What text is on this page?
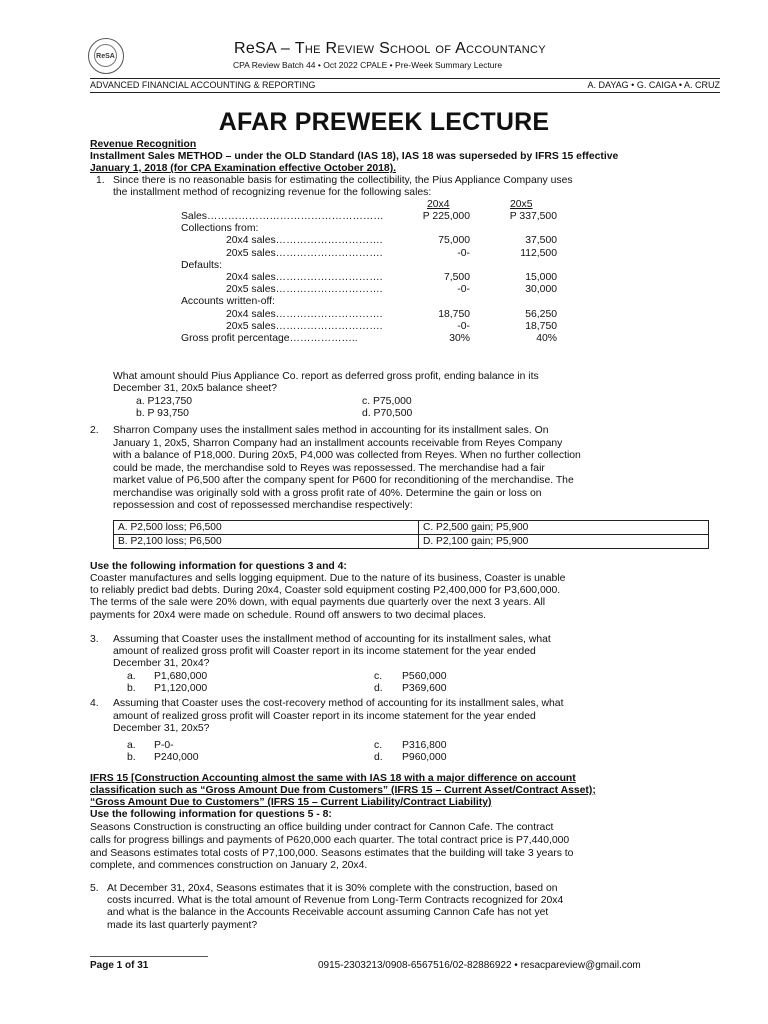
ReSA	ReSA – The Review School of Accountancy
CPA Review Batch 44 • Oct 2022 CPALE • Pre-Week Summary Lecture
ADVANCED FINANCIAL ACCOUNTING & REPORTING	A. DAYAG • G. CAIGA • A. CRUZ
AFAR PREWEEK LECTURE
Revenue Recognition
Installment Sales METHOD – under the OLD Standard (IAS 18), IAS 18 was superseded by IFRS 15 effective
January 1, 2018 (for CPA Examination effective October 2018).
1. Since there is no reasonable basis for estimating the collectibility, the Pius Appliance Company uses
the installment method of recognizing revenue for the following sales:
20x4	20x5
Sales……………………………………………	P 225,000	P 337,500
Collections from:
20x4 sales………………………….	75,000	37,500
20x5 sales………………………….	-0-	112,500
Defaults:
20x4 sales………………………….	7,500	15,000
20x5 sales………………………….	-0-	30,000
Accounts written-off:
20x4 sales………………………….	18,750	56,250
20x5 sales………………………….	-0-	18,750
Gross profit percentage………………..	30%	40%
What amount should Pius Appliance Co. report as deferred gross profit, ending balance in its
December 31, 20x5 balance sheet?
a. P123,750
b. P 93,750
c. P75,000
d. P70,500
2. Sharron Company uses the installment sales method in accounting for its installment sales. On
January 1, 20x5, Sharron Company had an installment accounts receivable from Reyes Company
with a balance of P18,000. During 20x5, P4,000 was collected from Reyes. When no further collection
could be made, the merchandise sold to Reyes was repossessed. The merchandise had a fair
market value of P6,500 after the company spent for P600 for reconditioning of the merchandise. The
merchandise was originally sold with a gross profit rate of 40%. Determine the gain or loss on
repossession and cost of repossessed merchandise respectively:
A. P2,500 loss; P6,500	C. P2,500 gain; P5,900
B. P2,100 loss; P6,500	D. P2,100 gain; P5,900
Use the following information for questions 3 and 4:
Coaster manufactures and sells logging equipment. Due to the nature of its business, Coaster is unable
to reliably predict bad debts. During 20x4, Coaster sold equipment costing P2,400,000 for P3,600,000.
The terms of the sale were 20% down, with equal payments due quarterly over the next 3 years. All
payments for 20x4 were made on schedule. Round off answers to two decimal places.
3. Assuming that Coaster uses the installment method of accounting for its installment sales, what
amount of realized gross profit will Coaster report in its income statement for the year ended
December 31, 20x4?
a. P1,680,000
b. P1,120,000
c. P560,000
d. P369,600
4. Assuming that Coaster uses the cost-recovery method of accounting for its installment sales, what
amount of realized gross profit will Coaster report in its income statement for the year ended
December 31, 20x5?
a. P-0-
b. P240,000
c. P316,800
d. P960,000
IFRS 15 [Construction Accounting almost the same with IAS 18 with a major difference on account
classification such as “Gross Amount Due from Customers” (IFRS 15 – Current Asset/Contract Asset);
“Gross Amount Due to Customers” (IFRS 15 – Current Liability/Contract Liability)
Use the following information for questions 5 - 8:
Seasons Construction is constructing an office building under contract for Cannon Cafe. The contract
calls for progress billings and payments of P620,000 each quarter. The total contract price is P7,440,000
and Seasons estimates total costs of P7,100,000. Seasons estimates that the building will take 3 years to
complete, and commences construction on January 2, 20x4.
5. At December 31, 20x4, Seasons estimates that it is 30% complete with the construction, based on
costs incurred. What is the total amount of Revenue from Long-Term Contracts recognized for 20x4
and what is the balance in the Accounts Receivable account assuming Cannon Cafe has not yet
made its last quarterly payment?
Page 1 of 31	0915-2303213/0908-6567516/02-82886922 • resacpareview@gmail.com
